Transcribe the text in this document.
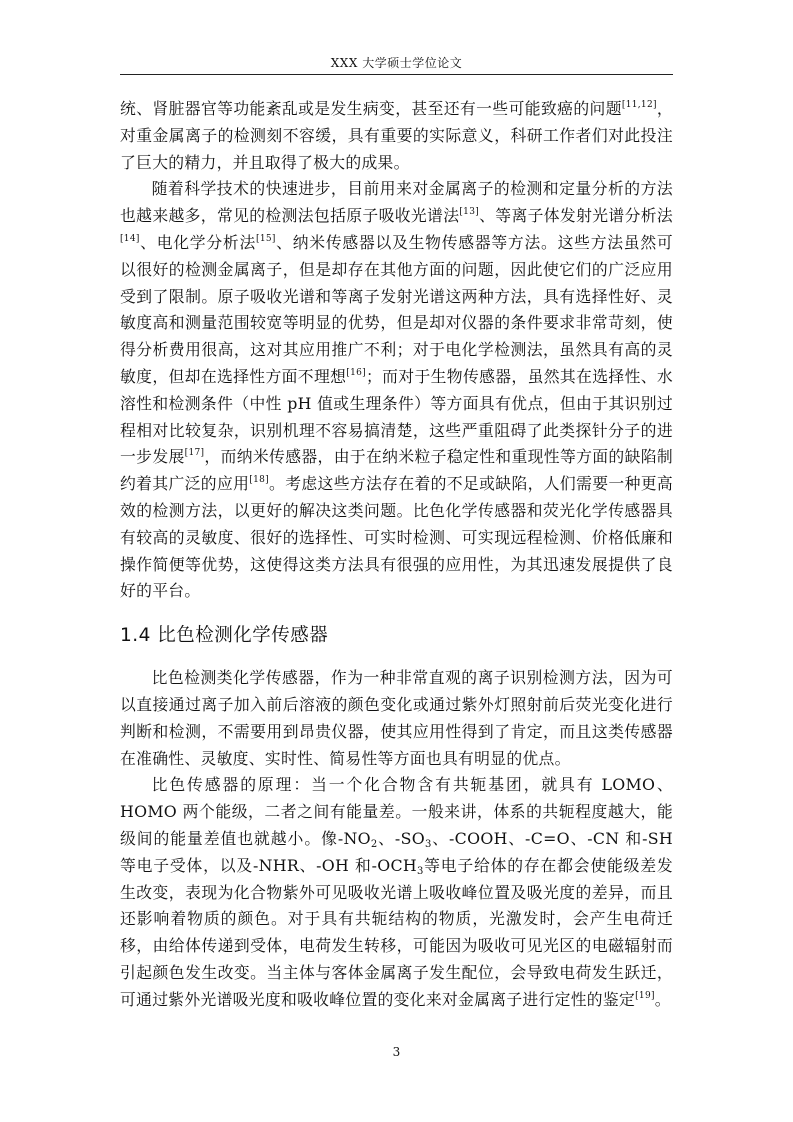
XXX 大学硕士学位论文

统、肾脏器官等功能紊乱或是发生病变，甚至还有一些可能致癌的问题[11,12]，对重金属离子的检测刻不容缓，具有重要的实际意义，科研工作者们对此投注了巨大的精力，并且取得了极大的成果。

随着科学技术的快速进步，目前用来对金属离子的检测和定量分析的方法也越来越多，常见的检测法包括原子吸收光谱法[13]、等离子体发射光谱分析法[14]、电化学分析法[15]、纳米传感器以及生物传感器等方法。这些方法虽然可以很好的检测金属离子，但是却存在其他方面的问题，因此使它们的广泛应用受到了限制。原子吸收光谱和等离子发射光谱这两种方法，具有选择性好、灵敏度高和测量范围较宽等明显的优势，但是却对仪器的条件要求非常苛刻，使得分析费用很高，这对其应用推广不利；对于电化学检测法，虽然具有高的灵敏度，但却在选择性方面不理想[16]；而对于生物传感器，虽然其在选择性、水溶性和检测条件（中性 pH 值或生理条件）等方面具有优点，但由于其识别过程相对比较复杂，识别机理不容易搞清楚，这些严重阻碍了此类探针分子的进一步发展[17]，而纳米传感器，由于在纳米粒子稳定性和重现性等方面的缺陷制约着其广泛的应用[18]。考虑这些方法存在着的不足或缺陷，人们需要一种更高效的检测方法，以更好的解决这类问题。比色化学传感器和荧光化学传感器具有较高的灵敏度、很好的选择性、可实时检测、可实现远程检测、价格低廉和操作简便等优势，这使得这类方法具有很强的应用性，为其迅速发展提供了良好的平台。

1.4 比色检测化学传感器

比色检测类化学传感器，作为一种非常直观的离子识别检测方法，因为可以直接通过离子加入前后溶液的颜色变化或通过紫外灯照射前后荧光变化进行判断和检测，不需要用到昂贵仪器，使其应用性得到了肯定，而且这类传感器在准确性、灵敏度、实时性、简易性等方面也具有明显的优点。

比色传感器的原理：当一个化合物含有共轭基团，就具有 LOMO、HOMO 两个能级，二者之间有能量差。一般来讲，体系的共轭程度越大，能级间的能量差值也就越小。像$-NO_2$、$-SO_3$、-COOH、-C=O、-CN 和-SH 等电子受体，以及-NHR、-OH 和$-OCH_3$等电子给体的存在都会使能级差发生改变，表现为化合物紫外可见吸收光谱上吸收峰位置及吸光度的差异，而且还影响着物质的颜色。对于具有共轭结构的物质，光激发时，会产生电荷迁移，由给体传递到受体，电荷发生转移，可能因为吸收可见光区的电磁辐射而引起颜色发生改变。当主体与客体金属离子发生配位，会导致电荷发生跃迁，可通过紫外光谱吸光度和吸收峰位置的变化来对金属离子进行定性的鉴定[19]。

3
